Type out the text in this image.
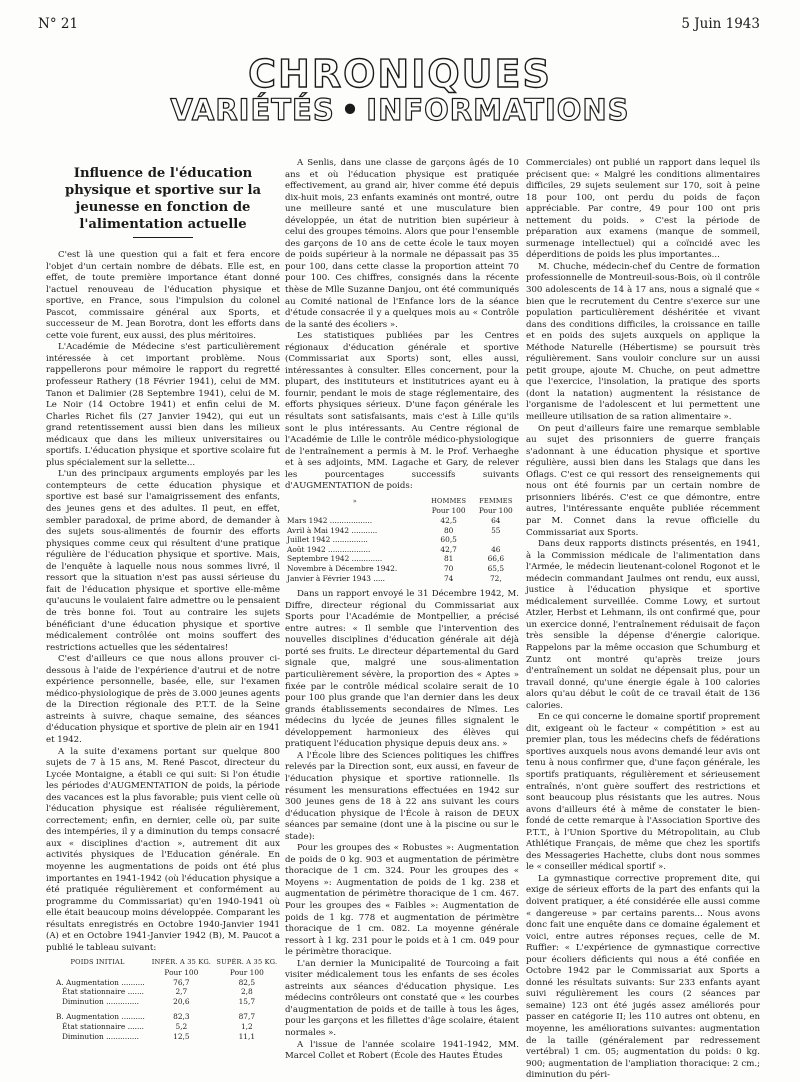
N° 21	5 Juin 1943
CHRONIQUES
VARIÉTÉS • INFORMATIONS
Influence de l'éducation physique et sportive sur la jeunesse en fonction de l'alimentation actuelle

C'est là une question qui a fait et fera encore l'objet d'un certain nombre de débats. Elle est, en effet, de toute première importance étant donné l'actuel renouveau de l'éducation physique et sportive, en France, sous l'impulsion du colonel Pascot, commissaire général aux Sports, et successeur de M. Jean Borotra, dont les efforts dans cette voie furent, eux aussi, des plus méritoires.

L'Académie de Médecine s'est particulièrement intéressée à cet important problème. Nous rappellerons pour mémoire le rapport du regretté professeur Rathery (18 Février 1941), celui de MM. Tanon et Dalimier (28 Septembre 1941), celui de M. Le Noir (14 Octobre 1941) et enfin celui de M. Charles Richet fils (27 Janvier 1942), qui eut un grand retentissement aussi bien dans les milieux médicaux que dans les milieux universitaires ou sportifs. L'éducation physique et sportive scolaire fut plus spécialement sur la sellette...

L'un des principaux arguments employés par les contempteurs de cette éducation physique et sportive est basé sur l'amaigrissement des enfants, des jeunes gens et des adultes. Il peut, en effet, sembler paradoxal, de prime abord, de demander à des sujets sous-alimentés de fournir des efforts physiques comme ceux qui résultent d'une pratique régulière de l'éducation physique et sportive. Mais, de l'enquête à laquelle nous nous sommes livré, il ressort que la situation n'est pas aussi sérieuse du fait de l'éducation physique et sportive elle-même qu'aucuns le voulaient faire admettre ou le pensaient de très bonne foi. Tout au contraire les sujets bénéficiant d'une éducation physique et sportive médicalement contrôlée ont moins souffert des restrictions actuelles que les sédentaires!

C'est d'ailleurs ce que nous allons prouver ci-dessous à l'aide de l'expérience d'autrui et de notre expérience personnelle, basée, elle, sur l'examen médico-physiologique de près de 3.000 jeunes agents de la Direction régionale des P.T.T. de la Seine astreints à suivre, chaque semaine, des séances d'éducation physique et sportive de plein air en 1941 et 1942.

A la suite d'examens portant sur quelque 800 sujets de 7 à 15 ans, M. René Pascot, directeur du Lycée Montaigne, a établi ce qui suit: Si l'on étudie les périodes d'AUGMENTATION de poids, la période des vacances est la plus favorable; puis vient celle où l'éducation physique est réalisée régulièrement, correctement; enfin, en dernier, celle où, par suite des intempéries, il y a diminution du temps consacré aux « disciplines d'action », autrement dit aux activités physiques de l'Education générale. En moyenne les augmentations de poids ont été plus importantes en 1941-1942 (où l'éducation physique a été pratiquée régulièrement et conformément au programme du Commissariat) qu'en 1940-1941 où elle était beaucoup moins développée. Comparant les résultats enregistrés en Octobre 1940-Janvier 1941 (A) et en Octobre 1941-Janvier 1942 (B), M. Paucot a publié le tableau suivant:

POIDS INITIAL	INFÉR. A 35 KG.	SUPÉR. A 35 KG.
	Pour 100	Pour 100
A. Augmentation ..........	76,7	82,5
État stationnaire .......	2,7	2,8
Diminution ..............	20,6	15,7

B. Augmentation ..........	82,3	87,7
État stationnaire .......	5,2	1,2
Diminution ..............	12,5	11,1

A Senlis, dans une classe de garçons âgés de 10 ans et où l'éducation physique est pratiquée effectivement, au grand air, hiver comme été depuis dix-huit mois, 23 enfants examinés ont montré, outre une meilleure santé et une musculature bien développée, un état de nutrition bien supérieur à celui des groupes témoins. Alors que pour l'ensemble des garçons de 10 ans de cette école le taux moyen de poids supérieur à la normale ne dépassait pas 35 pour 100, dans cette classe la proportion atteint 70 pour 100. Ces chiffres, consignés dans la récente thèse de Mlle Suzanne Danjou, ont été communiqués au Comité national de l'Enfance lors de la séance d'étude consacrée il y a quelques mois au « Contrôle de la santé des écoliers ».

Les statistiques publiées par les Centres régionaux d'éducation générale et sportive (Commissariat aux Sports) sont, elles aussi, intéressantes à consulter. Elles concernent, pour la plupart, des instituteurs et institutrices ayant eu à fournir, pendant le mois de stage réglementaire, des efforts physiques sérieux. D'une façon générale les résultats sont satisfaisants, mais c'est à Lille qu'ils sont le plus intéressants. Au Centre régional de l'Académie de Lille le contrôle médico-physiologique de l'entraînement a permis à M. le Prof. Verhaeghe et à ses adjoints, MM. Lagache et Gary, de relever les pourcentages successifs suivants d'AUGMENTATION de poids:

»	HOMMES	FEMMES
	Pour 100	Pour 100
Mars 1942 ..................	42,5	64
Avril à Mai 1942 ...........	80	55
Juillet 1942 ...............	60,5	
Août 1942 ..................	42,7	46
Septembre 1942 .............	81	66,6
Novembre à Décembre 1942.	70	65,5
Janvier à Février 1943 .....	74	72,

Dans un rapport envoyé le 31 Décembre 1942, M. Diffre, directeur régional du Commissariat aux Sports pour l'Académie de Montpellier, a précisé entre autres: « Il semble que l'intervention des nouvelles disciplines d'éducation générale ait déjà porté ses fruits. Le directeur départemental du Gard signale que, malgré une sous-alimentation particulièrement sévère, la proportion des « Aptes » fixée par le contrôle médical scolaire serait de 10 pour 100 plus grande que l'an dernier dans les deux grands établissements secondaires de Nîmes. Les médecins du lycée de jeunes filles signalent le développement harmonieux des élèves qui pratiquent l'éducation physique depuis deux ans. »

A l'École libre des Sciences politiques les chiffres relevés par la Direction sont, eux aussi, en faveur de l'éducation physique et sportive rationnelle. Ils résument les mensurations effectuées en 1942 sur 300 jeunes gens de 18 à 22 ans suivant les cours d'éducation physique de l'École à raison de DEUX séances par semaine (dont une à la piscine ou sur le stade):

Pour les groupes des « Robustes »: Augmentation de poids de 0 kg. 903 et augmentation de périmètre thoracique de 1 cm. 324. Pour les groupes des « Moyens »: Augmentation de poids de 1 kg. 238 et augmentation de périmètre thoracique de 1 cm. 467. Pour les groupes des « Faibles »: Augmentation de poids de 1 kg. 778 et augmentation de périmètre thoracique de 1 cm. 082. La moyenne générale ressort à 1 kg. 231 pour le poids et à 1 cm. 049 pour le périmètre thoracique.

L'an dernier la Municipalité de Tourcoing a fait visiter médicalement tous les enfants de ses écoles astreints aux séances d'éducation physique. Les médecins contrôleurs ont constaté que « les courbes d'augmentation de poids et de taille à tous les âges, pour les garçons et les fillettes d'âge scolaire, étaient normales ».

A l'issue de l'année scolaire 1941-1942, MM. Marcel Collet et Robert (École des Hautes Études

Commerciales) ont publié un rapport dans lequel ils précisent que: « Malgré les conditions alimentaires difficiles, 29 sujets seulement sur 170, soit à peine 18 pour 100, ont perdu du poids de façon appréciable. Par contre, 49 pour 100 ont pris nettement du poids. » C'est la période de préparation aux examens (manque de sommeil, surmenage intellectuel) qui a coïncidé avec les déperditions de poids les plus importantes...

M. Chuche, médecin-chef du Centre de formation professionnelle de Montreuil-sous-Bois, où il contrôle 300 adolescents de 14 à 17 ans, nous a signalé que « bien que le recrutement du Centre s'exerce sur une population particulièrement déshéritée et vivant dans des conditions difficiles, la croissance en taille et en poids des sujets auxquels on applique la Méthode Naturelle (Hébertisme) se poursuit très régulièrement. Sans vouloir conclure sur un aussi petit groupe, ajoute M. Chuche, on peut admettre que l'exercice, l'insolation, la pratique des sports (dont la natation) augmentent la résistance de l'organisme de l'adolescent et lui permettent une meilleure utilisation de sa ration alimentaire ».

On peut d'ailleurs faire une remarque semblable au sujet des prisonniers de guerre français s'adonnant à une éducation physique et sportive régulière, aussi bien dans les Stalags que dans les Oflags. C'est ce qui ressort des renseignements qui nous ont été fournis par un certain nombre de prisonniers libérés. C'est ce que démontre, entre autres, l'intéressante enquête publiée récemment par M. Connet dans la revue officielle du Commissariat aux Sports.

Dans deux rapports distincts présentés, en 1941, à la Commission médicale de l'alimentation dans l'Armée, le médecin lieutenant-colonel Rogonot et le médecin commandant Jaulmes ont rendu, eux aussi, justice à l'éducation physique et sportive médicalement surveillée. Comme Lowy, et surtout Atzler, Herbst et Lehmann, ils ont confirmé que, pour un exercice donné, l'entraînement réduisait de façon très sensible la dépense d'énergie calorique. Rappelons par la même occasion que Schumburg et Zuntz ont montré qu'après treize jours d'entraînement un soldat ne dépensait plus, pour un travail donné, qu'une énergie égale à 100 calories alors qu'au début le coût de ce travail était de 136 calories.

En ce qui concerne le domaine sportif proprement dit, exigeant où le facteur « compétition » est au premier plan, tous les médecins chefs de fédérations sportives auxquels nous avons demandé leur avis ont tenu à nous confirmer que, d'une façon générale, les sportifs pratiquants, régulièrement et sérieusement entraînés, n'ont guère souffert des restrictions et sont beaucoup plus résistants que les autres. Nous avons d'ailleurs été à même de constater le bien-fondé de cette remarque à l'Association Sportive des P.T.T., à l'Union Sportive du Métropolitain, au Club Athlétique Français, de même que chez les sportifs des Messageries Hachette, clubs dont nous sommes le « conseiller médical sportif ».

La gymnastique corrective proprement dite, qui exige de sérieux efforts de la part des enfants qui la doivent pratiquer, a été considérée elle aussi comme « dangereuse » par certains parents... Nous avons donc fait une enquête dans ce domaine également et voici, entre autres réponses reçues, celle de M. Ruffier: « L'expérience de gymnastique corrective pour écoliers déficients qui nous a été confiée en Octobre 1942 par le Commissariat aux Sports a donné les résultats suivants: Sur 233 enfants ayant suivi régulièrement les cours (2 séances par semaine) 123 ont été jugés assez améliorés pour passer en catégorie II; les 110 autres ont obtenu, en moyenne, les améliorations suivantes: augmentation de la taille (généralement par redressement vertébral) 1 cm. 05; augmentation du poids: 0 kg. 900; augmentation de l'ampliation thoracique: 2 cm.; diminution du péri-
